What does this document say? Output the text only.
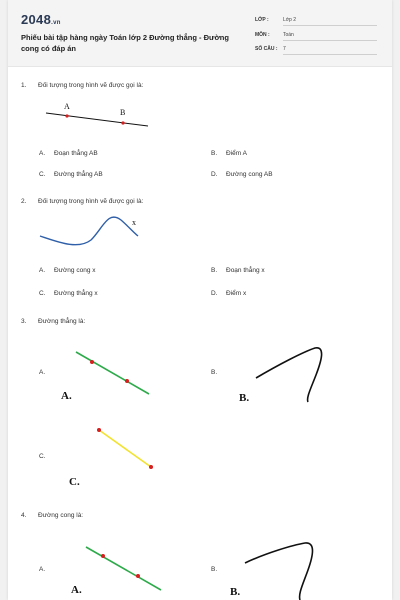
2048.vn
Phiếu bài tập hàng ngày Toán lớp 2 Đường thẳng - Đường cong có đáp án
LỚP :	Lớp 2
MÔN :	Toán
SỐ CÂU : 7
1. Đối tượng trong hình vẽ được gọi là:
A
B
A. Đoạn thẳng AB	B. Điểm A
C. Đường thẳng AB	D. Đường cong AB
2. Đối tượng trong hình vẽ được gọi là:
x
A. Đường cong x	B. Đoạn thẳng x
C. Đường thẳng x	D. Điểm x
3. Đường thẳng là:
A.	B.
C.
A.	B.
C.
4. Đường cong là:
A.	B.
A.	B.
